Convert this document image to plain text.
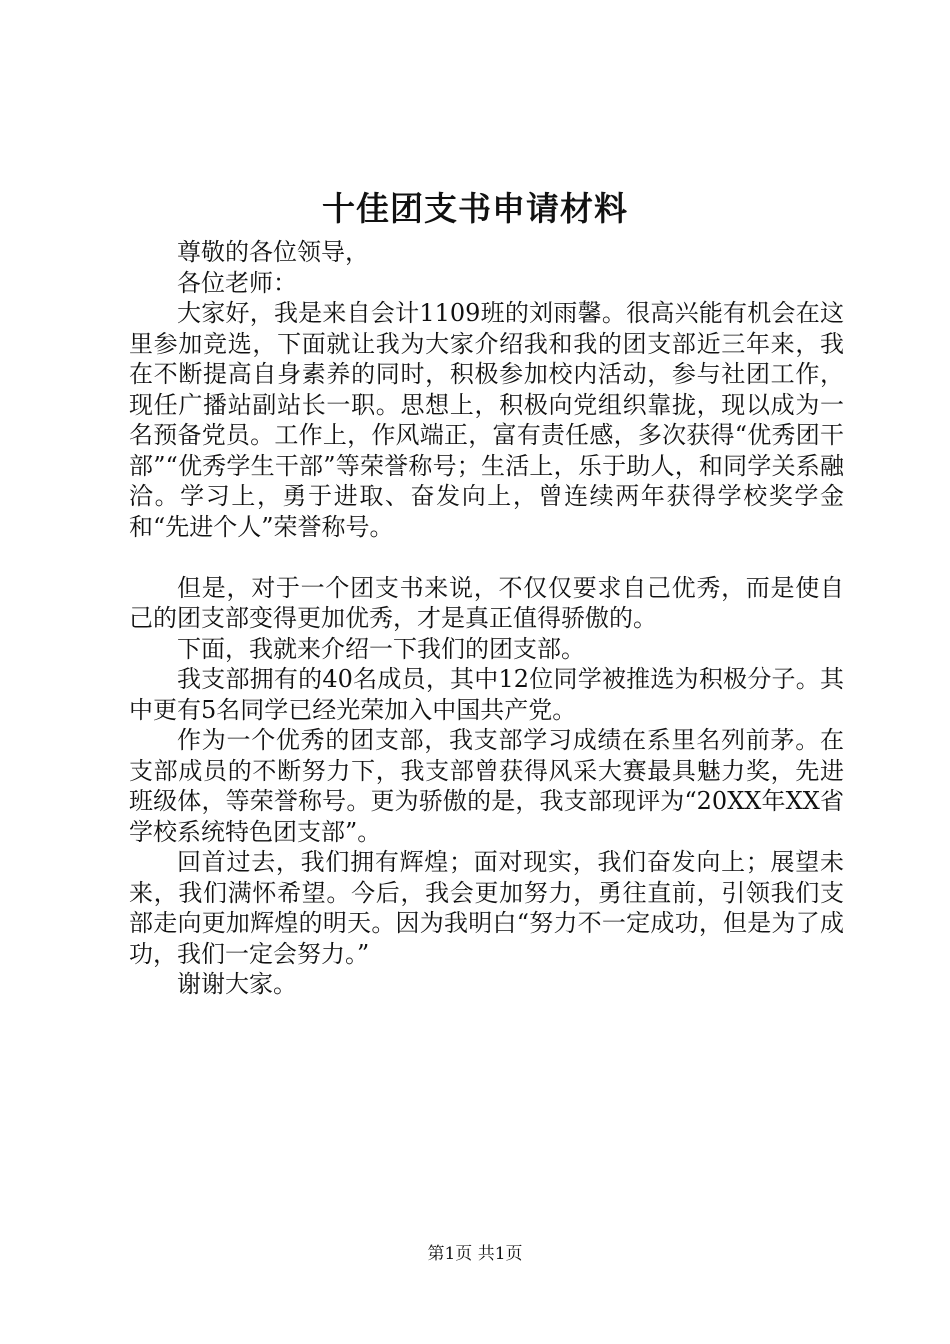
十佳团支书申请材料

尊敬的各位领导，

各位老师：

大家好，我是来自会计1109班的刘雨馨。很高兴能有机会在这里参加竞选，下面就让我为大家介绍我和我的团支部近三年来，我在不断提高自身素养的同时，积极参加校内活动，参与社团工作，现任广播站副站长一职。思想上，积极向党组织靠拢，现以成为一名预备党员。工作上，作风端正，富有责任感，多次获得“优秀团干部”“优秀学生干部”等荣誉称号；生活上，乐于助人，和同学关系融洽。学习上，勇于进取、奋发向上，曾连续两年获得学校奖学金和“先进个人”荣誉称号。

但是，对于一个团支书来说，不仅仅要求自己优秀，而是使自己的团支部变得更加优秀，才是真正值得骄傲的。

下面，我就来介绍一下我们的团支部。

我支部拥有的40名成员，其中12位同学被推选为积极分子。其中更有5名同学已经光荣加入中国共产党。

作为一个优秀的团支部，我支部学习成绩在系里名列前茅。在支部成员的不断努力下，我支部曾获得风采大赛最具魅力奖，先进班级体，等荣誉称号。更为骄傲的是，我支部现评为“20XX年XX省学校系统特色团支部”。

回首过去，我们拥有辉煌；面对现实，我们奋发向上；展望未来，我们满怀希望。今后，我会更加努力，勇往直前，引领我们支部走向更加辉煌的明天。因为我明白“努力不一定成功，但是为了成功，我们一定会努力。”

谢谢大家。

第1页 共1页
